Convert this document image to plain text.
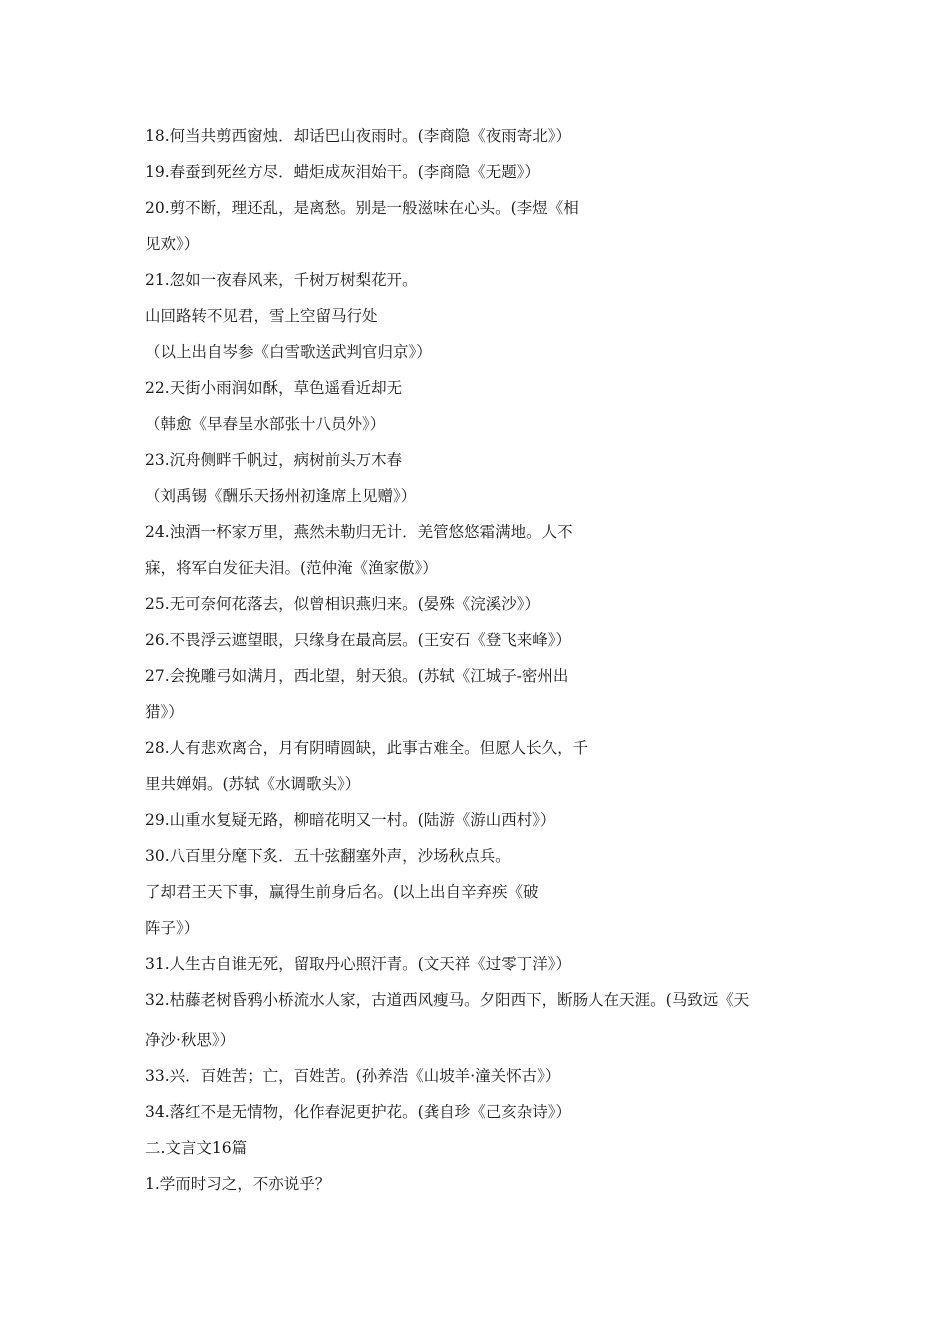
18.何当共剪西窗烛．却话巴山夜雨时。(李商隐《夜雨寄北》）
19.春蚕到死丝方尽．蜡炬成灰泪始干。(李商隐《无题》）
20.剪不断，理还乱，是离愁。别是一般滋味在心头。(李煜《相
见欢》）
21.忽如一夜春风来，千树万树梨花开。
山回路转不见君，雪上空留马行处
（以上出自岑参《白雪歌送武判官归京》）
22.天街小雨润如酥，草色遥看近却无
（韩愈《早春呈水部张十八员外》）
23.沉舟侧畔千帆过，病树前头万木春
（刘禹锡《酬乐天扬州初逢席上见赠》）
24.浊酒一杯家万里，燕然未勒归无计．羌管悠悠霜满地。人不
寐，将军白发征夫泪。(范仲淹《渔家傲》）
25.无可奈何花落去，似曾相识燕归来。(晏殊《浣溪沙》）
26.不畏浮云遮望眼，只缘身在最高层。(王安石《登飞来峰》）
27.会挽雕弓如满月，西北望，射天狼。(苏轼《江城子-密州出
猎》）
28.人有悲欢离合，月有阴晴圆缺，此事古难全。但愿人长久，千
里共婵娟。(苏轼《水调歌头》）
29.山重水复疑无路，柳暗花明又一村。(陆游《游山西村》）
30.八百里分麾下炙．五十弦翻塞外声，沙场秋点兵。
了却君王天下事，赢得生前身后名。(以上出自辛弃疾《破
阵子》）
31.人生古自谁无死，留取丹心照汗青。(文天祥《过零丁洋》）
32.枯藤老树昏鸦小桥流水人家，古道西风瘦马。夕阳西下，断肠人在天涯。(马致远《天
净沙·秋思》）
33.兴．百姓苦；亡，百姓苦。(孙养浩《山坡羊·潼关怀古》）
34.落红不是无情物，化作春泥更护花。(龚自珍《己亥杂诗》）
二.文言文16篇
1.学而时习之，不亦说乎？
